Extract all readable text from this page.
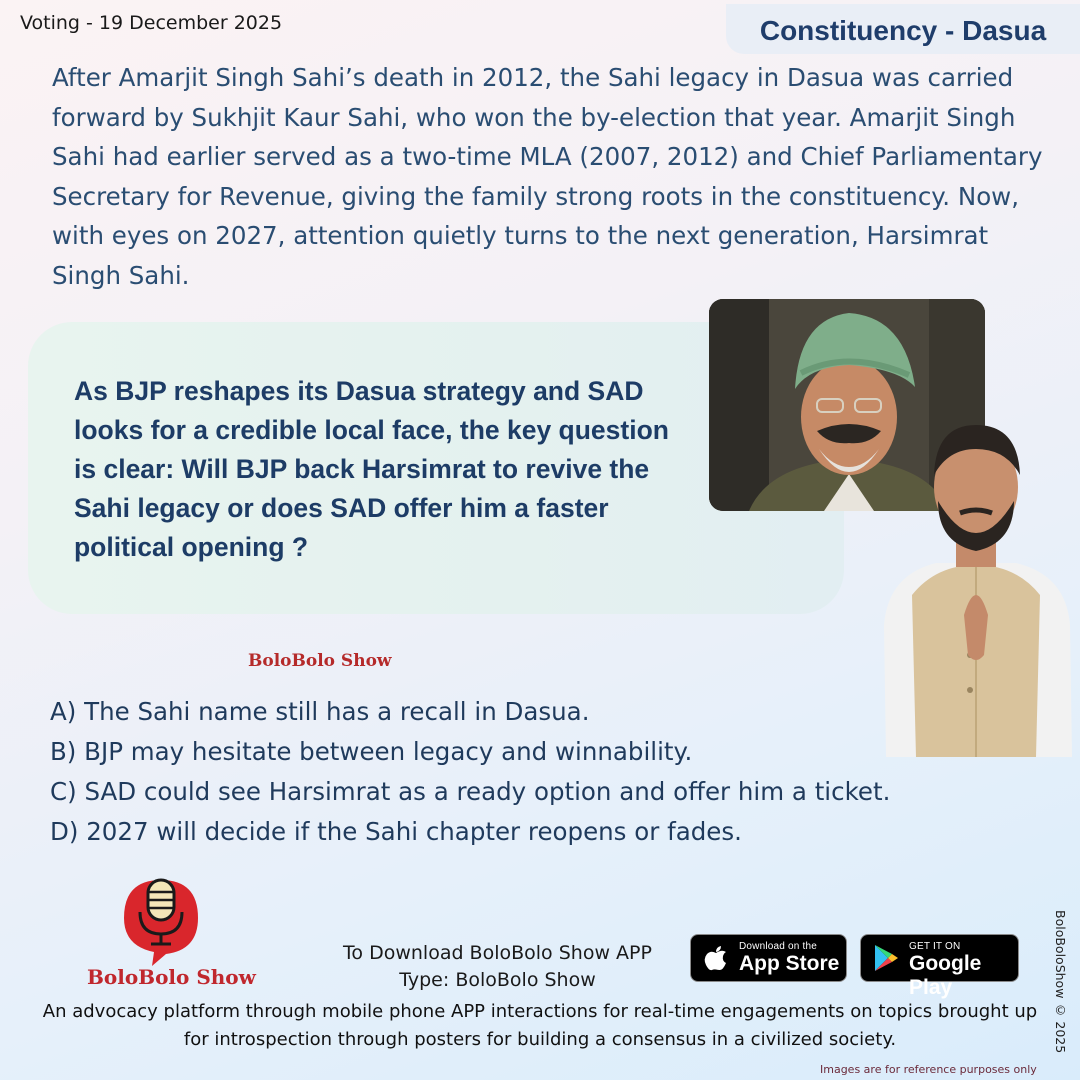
Voting - 19 December 2025	Constituency - Dasua
After Amarjit Singh Sahi’s death in 2012, the Sahi legacy in Dasua was carried forward by Sukhjit Kaur Sahi, who won the by-election that year. Amarjit Singh Sahi had earlier served as a two-time MLA (2007, 2012) and Chief Parliamentary Secretary for Revenue, giving the family strong roots in the constituency. Now, with eyes on 2027, attention quietly turns to the next generation, Harsimrat Singh Sahi.
As BJP reshapes its Dasua strategy and SAD looks for a credible local face, the key question is clear: Will BJP back Harsimrat to revive the Sahi legacy or does SAD offer him a faster political opening ?
BoloBolo Show
A) The Sahi name still has a recall in Dasua.
B) BJP may hesitate between legacy and winnability.
C) SAD could see Harsimrat as a ready option and offer him a ticket.
D) 2027 will decide if the Sahi chapter reopens or fades.
BoloBolo Show
To Download BoloBolo Show APP
Type: BoloBolo Show
Download on the
App Store
GET IT ON
Google Play
An advocacy platform through mobile phone APP interactions for real-time engagements on topics brought up for introspection through posters for building a consensus in a civilized society.	BoloBoloShow © 2025
Images are for reference purposes only
